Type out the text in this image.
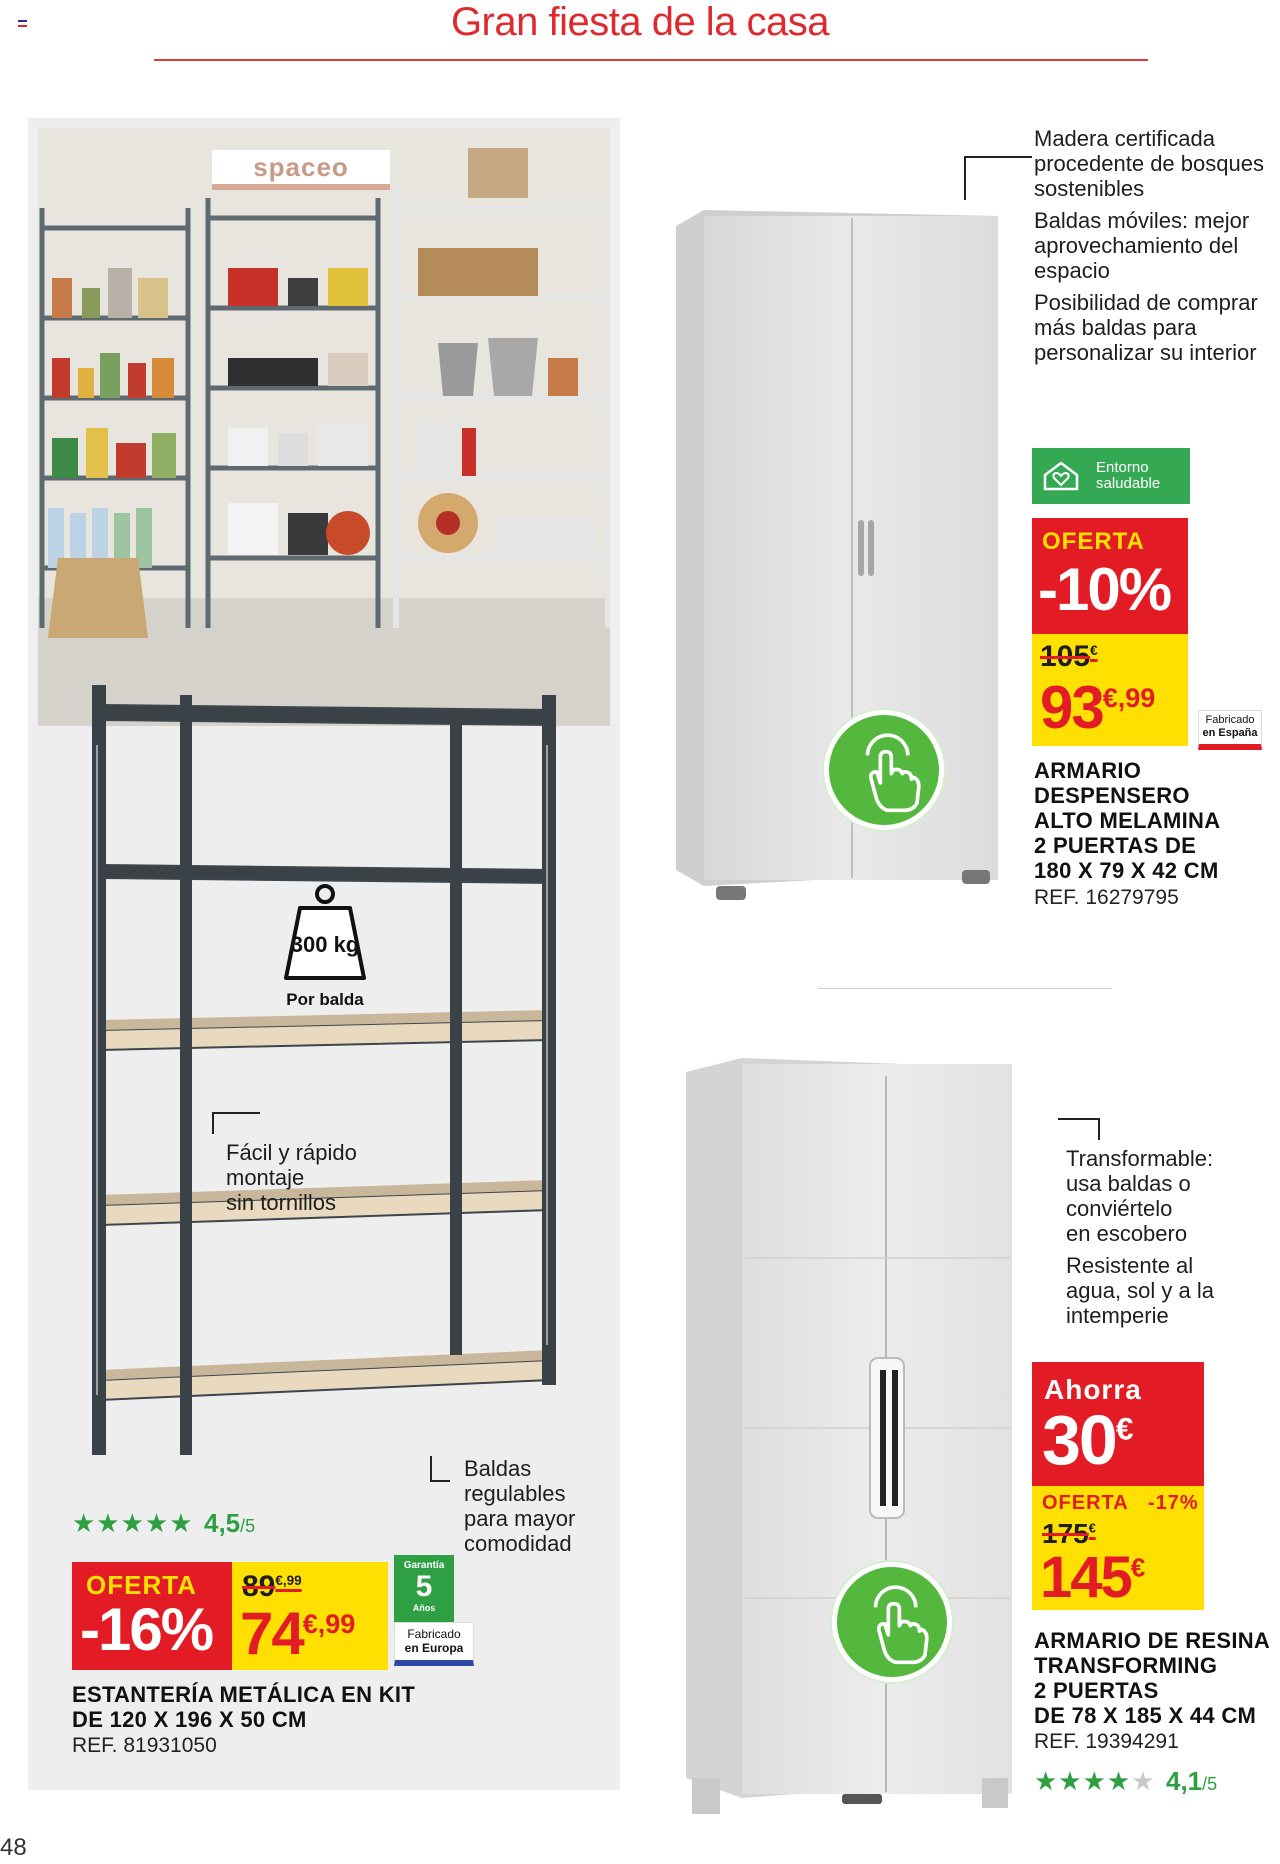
Gran fiesta de la casa
spaceo
300 kg
Por balda
Fácil y rápido
montaje
sin tornillos
Baldas
regulables
para mayor
comodidad
★★★★★ 4,5/5
OFERTA
-16%
$89^{€,99}$
$74^{€,99}$
Garantía
5
Años
Fabricado
en Europa
ESTANTERÍA METÁLICA EN KIT
DE 120 X 196 X 50 CM
REF. 81931050
Madera certificada
procedente de bosques
sostenibles
Baldas móviles: mejor
aprovechamiento del
espacio
Posibilidad de comprar
más baldas para
personalizar su interior
Entorno
saludable
OFERTA
-10%
105€
$93^{€,99}$
Fabricado
en España
ARMARIO
DESPENSERO
ALTO MELAMINA
2 PUERTAS DE
180 X 79 X 42 CM
REF. 16279795
Transformable:
usa baldas o
conviértelo
en escobero
Resistente al
agua, sol y a la
intemperie
Ahorra
30€
OFERTA -17%
175€
145€
ARMARIO DE RESINA
TRANSFORMING
2 PUERTAS
DE 78 X 185 X 44 CM
REF. 19394291
★★★★★ 4,1/5
48
